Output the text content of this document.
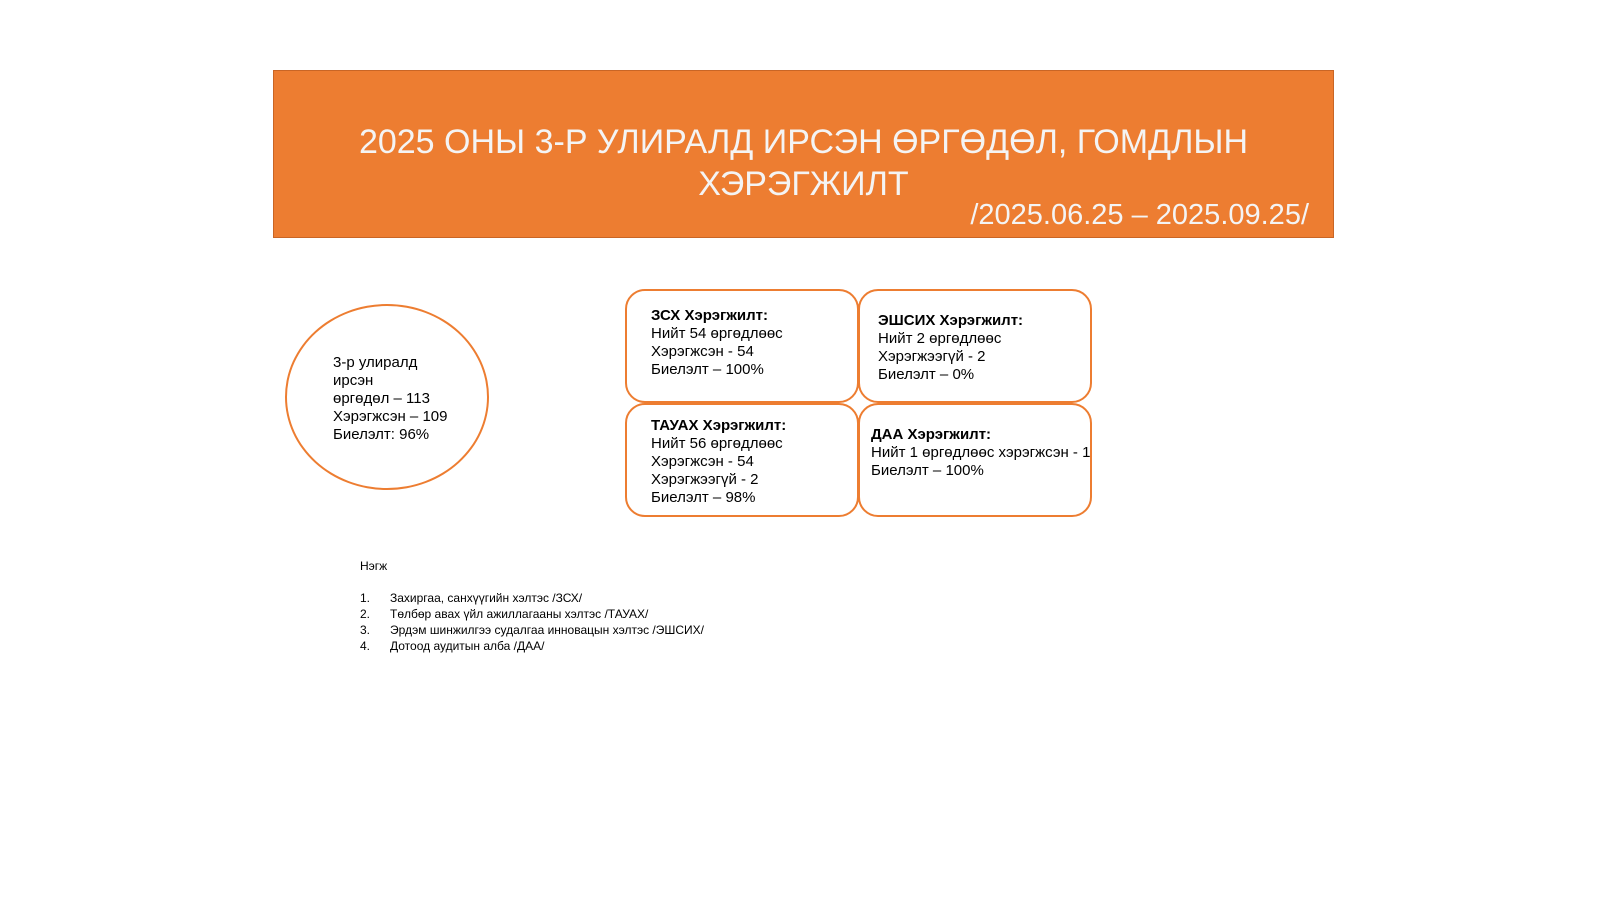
2025 ОНЫ 3-Р УЛИРАЛД ИРСЭН ӨРГӨДӨЛ, ГОМДЛЫН ХЭРЭГЖИЛТ
/2025.06.25 – 2025.09.25/
3-р улиралд
ирсэн
өргөдөл – 113
Хэрэгжсэн – 109
Биелэлт: 96%
ЗСХ Хэрэгжилт:
Нийт 54 өргөдлөөс
Хэрэгжсэн - 54
Биелэлт – 100%
ЭШСИХ Хэрэгжилт:
Нийт 2 өргөдлөөс
Хэрэгжээгүй - 2
Биелэлт – 0%
ТАУАХ Хэрэгжилт:
Нийт 56 өргөдлөөс
Хэрэгжсэн - 54
Хэрэгжээгүй - 2
Биелэлт – 98%
ДАА Хэрэгжилт:
Нийт 1 өргөдлөөс хэрэгжсэн - 1
Биелэлт – 100%
Нэгж
1.	Захиргаа, санхүүгийн хэлтэс /ЗСХ/
2.	Төлбөр авах үйл ажиллагааны хэлтэс /ТАУАХ/
3.	Эрдэм шинжилгээ судалгаа инновацын хэлтэс /ЭШСИХ/
4.	Дотоод аудитын алба /ДАА/
